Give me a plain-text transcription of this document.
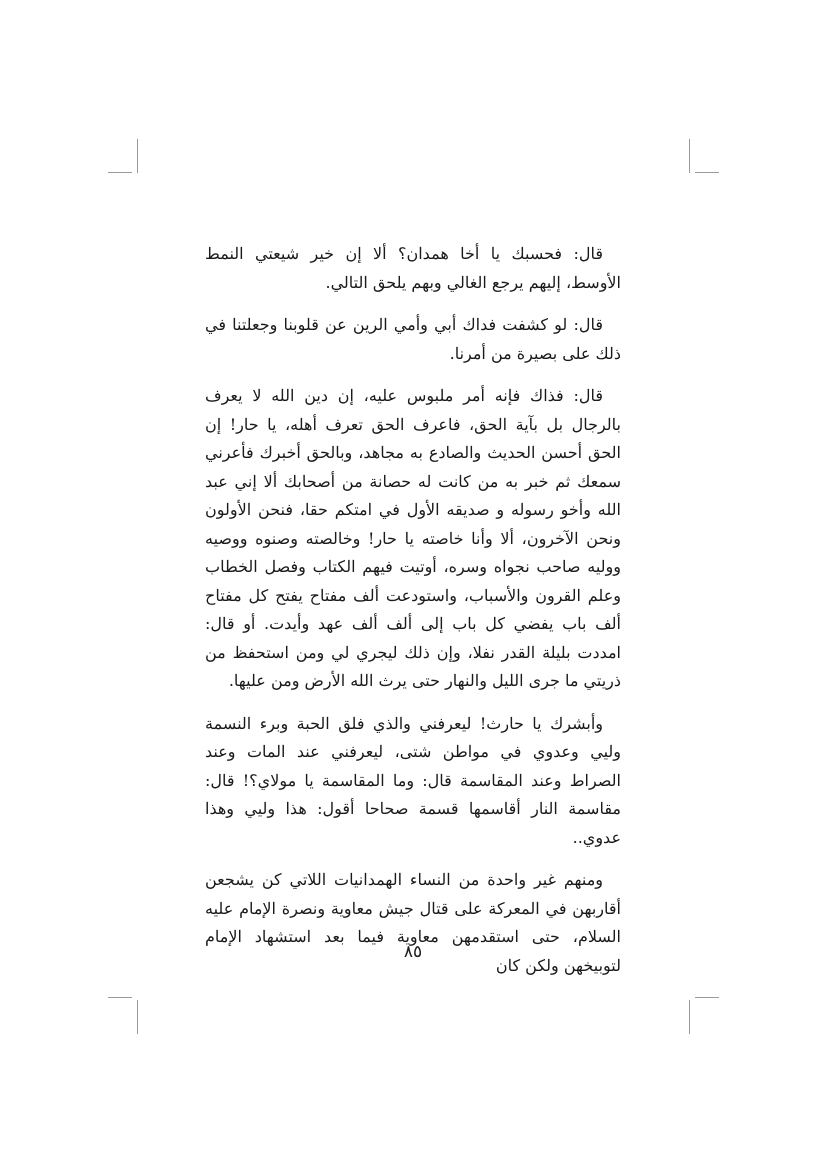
قال: فحسبك يا أخا همدان؟ ألا إن خير شيعتي النمط الأوسط، إليهم يرجع الغالي وبهم يلحق التالي.

قال: لو كشفت فداك أبي وأمي الرين عن قلوبنا وجعلتنا في ذلك على بصيرة من أمرنا.

قال: فذاك فإنه أمر ملبوس عليه، إن دين الله لا يعرف بالرجال بل بآية الحق، فاعرف الحق تعرف أهله، يا حار! إن الحق أحسن الحديث والصادع به مجاهد، وبالحق أخبرك فأعرني سمعك ثم خبر به من كانت له حصانة من أصحابك ألا إني عبد الله وأخو رسوله و صديقه الأول في امتكم حقا، فنحن الأولون ونحن الآخرون، ألا وأنا خاصته يا حار! وخالصته وصنوه ووصيه ووليه صاحب نجواه وسره، أوتيت فيهم الكتاب وفصل الخطاب وعلم القرون والأسباب، واستودعت ألف مفتاح يفتح كل مفتاح ألف باب يفضي كل باب إلى ألف ألف عهد وأيدت. أو قال: امددت بليلة القدر نفلا، وإن ذلك ليجري لي ومن استحفظ من ذريتي ما جرى الليل والنهار حتى يرث الله الأرض ومن عليها.

وأبشرك يا حارث! ليعرفني والذي فلق الحبة وبرء النسمة وليي وعدوي في مواطن شتى، ليعرفني عند المات وعند الصراط وعند المقاسمة قال: وما المقاسمة يا مولاي؟! قال: مقاسمة النار أقاسمها قسمة صحاحا أقول: هذا وليي وهذا عدوي..

ومنهم غير واحدة من النساء الهمدانيات اللاتي كن يشجعن أقاربهن في المعركة على قتال جيش معاوية ونصرة الإمام عليه السلام، حتى استقدمهن معاوية فيما بعد استشهاد الإمام لتوبيخهن ولكن كان

٨٥
